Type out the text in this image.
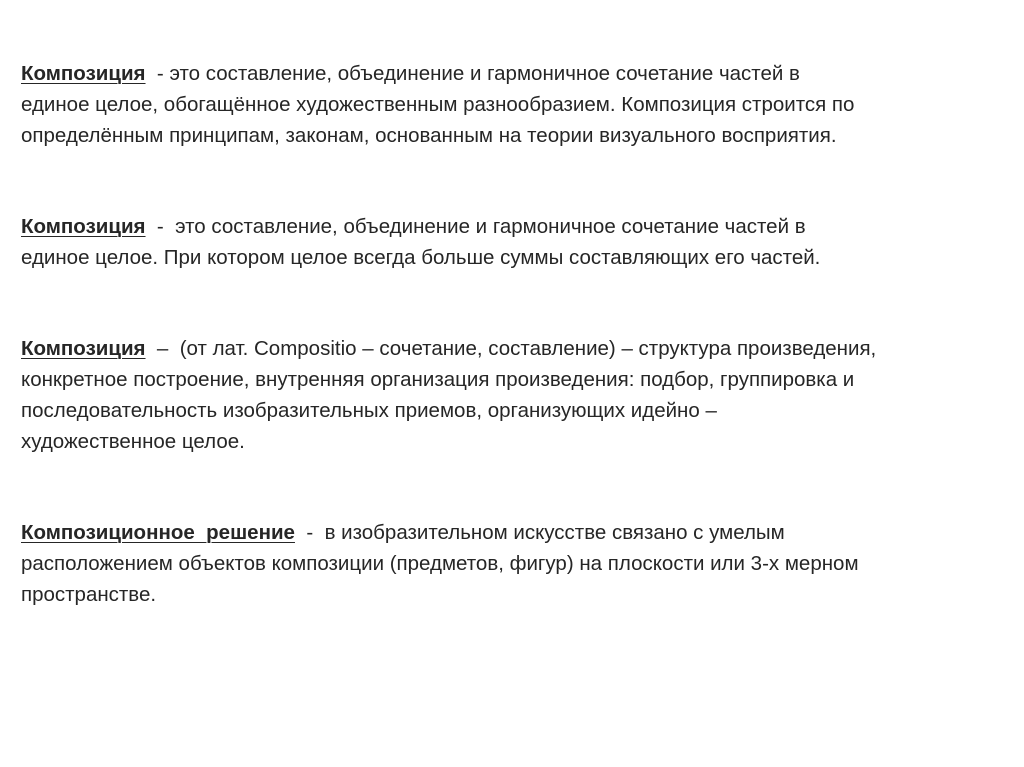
Композиция  - это составление, объединение и гармоничное сочетание частей в
единое целое, обогащённое художественным разнообразием. Композиция строится по
определённым принципам, законам, основанным на теории визуального восприятия.

Композиция  -  это составление, объединение и гармоничное сочетание частей в
единое целое. При котором целое всегда больше суммы составляющих его частей.

Композиция  –  (от лат. Compositio – сочетание, составление) – структура произведения,
конкретное построение, внутренняя организация произведения: подбор, группировка и
последовательность изобразительных приемов, организующих идейно –
художественное целое.

Композиционное  решение  -  в изобразительном искусстве связано с умелым
расположением объектов композиции (предметов, фигур) на плоскости или 3-х мерном
пространстве.
